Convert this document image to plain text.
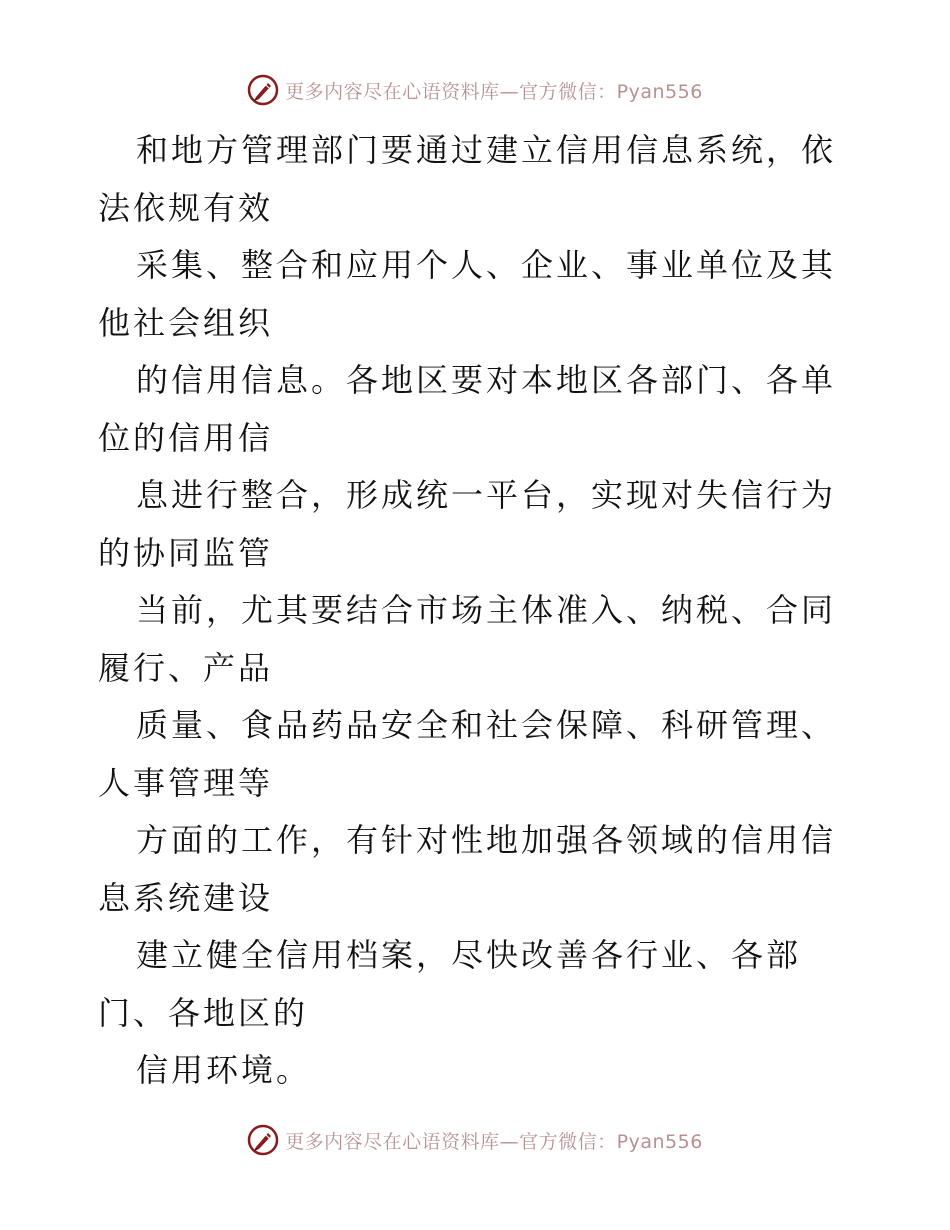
更多内容尽在心语资料库—官方微信：Pyan556

和地方管理部门要通过建立信用信息系统，依法依规有效

采集、整合和应用个人、企业、事业单位及其他社会组织

的信用信息。各地区要对本地区各部门、各单位的信用信

息进行整合，形成统一平台，实现对失信行为的协同监管

当前，尤其要结合市场主体准入、纳税、合同履行、产品

质量、食品药品安全和社会保障、科研管理、人事管理等

方面的工作，有针对性地加强各领域的信用信息系统建设

建立健全信用档案，尽快改善各行业、各部门、各地区的

信用环境。

更多内容尽在心语资料库—官方微信：Pyan556
